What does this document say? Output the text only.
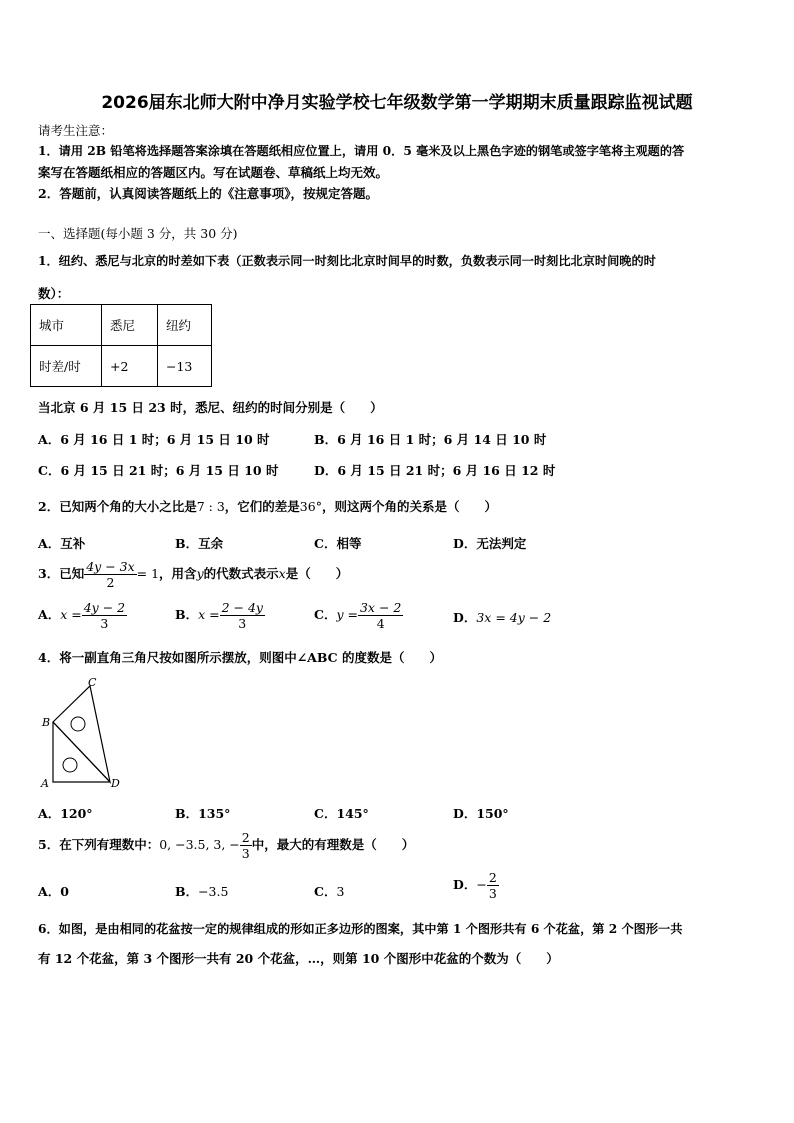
2026届东北师大附中净月实验学校七年级数学第一学期期末质量跟踪监视试题
请考生注意：
1．请用 2B 铅笔将选择题答案涂填在答题纸相应位置上，请用 0．5 毫米及以上黑色字迹的钢笔或签字笔将主观题的答
案写在答题纸相应的答题区内。写在试题卷、草稿纸上均无效。
2．答题前，认真阅读答题纸上的《注意事项》，按规定答题。
一、选择题(每小题 3 分，共 30 分)
1．纽约、悉尼与北京的时差如下表（正数表示同一时刻比北京时间早的时数，负数表示同一时刻比北京时间晚的时
数）：
城市	悉尼	纽约
时差/时	+2	−13
当北京 6 月 15 日 23 时，悉尼、纽约的时间分别是（　　）
A．6 月 16 日 1 时；6 月 15 日 10 时	B．6 月 16 日 1 时；6 月 14 日 10 时
C．6 月 15 日 21 时；6 月 15 日 10 时	D．6 月 15 日 21 时；6 月 16 日 12 时
2．已知两个角的大小之比是7 : 3，它们的差是36°，则这两个角的关系是（　　）
A．互补	B．互余	C．相等	D．无法判定
3．已知 $\frac{4y - 3x}{2} = 1$，用含y的代数式表示x是（　　）
A．$x = \frac{4y - 2}{3}$	B．$x = \frac{2 - 4y}{3}$	C．$y = \frac{3x - 2}{4}$	D．3x = 4y − 2
4．将一副直角三角尺按如图所示摆放，则图中∠ABC 的度数是（　　）
A
B
C
D
A．120°	B．135°	C．145°	D．150°
5．在下列有理数中：0, −3.5, 3, − $\frac{2}{3}$ 中，最大的有理数是（　　）
A．0	B．−3.5	C．3	D．− $\frac{2}{3}$
6．如图，是由相同的花盆按一定的规律组成的形如正多边形的图案，其中第 1 个图形共有 6 个花盆，第 2 个图形一共
有 12 个花盆，第 3 个图形一共有 20 个花盆，…，则第 10 个图形中花盆的个数为（　　）
